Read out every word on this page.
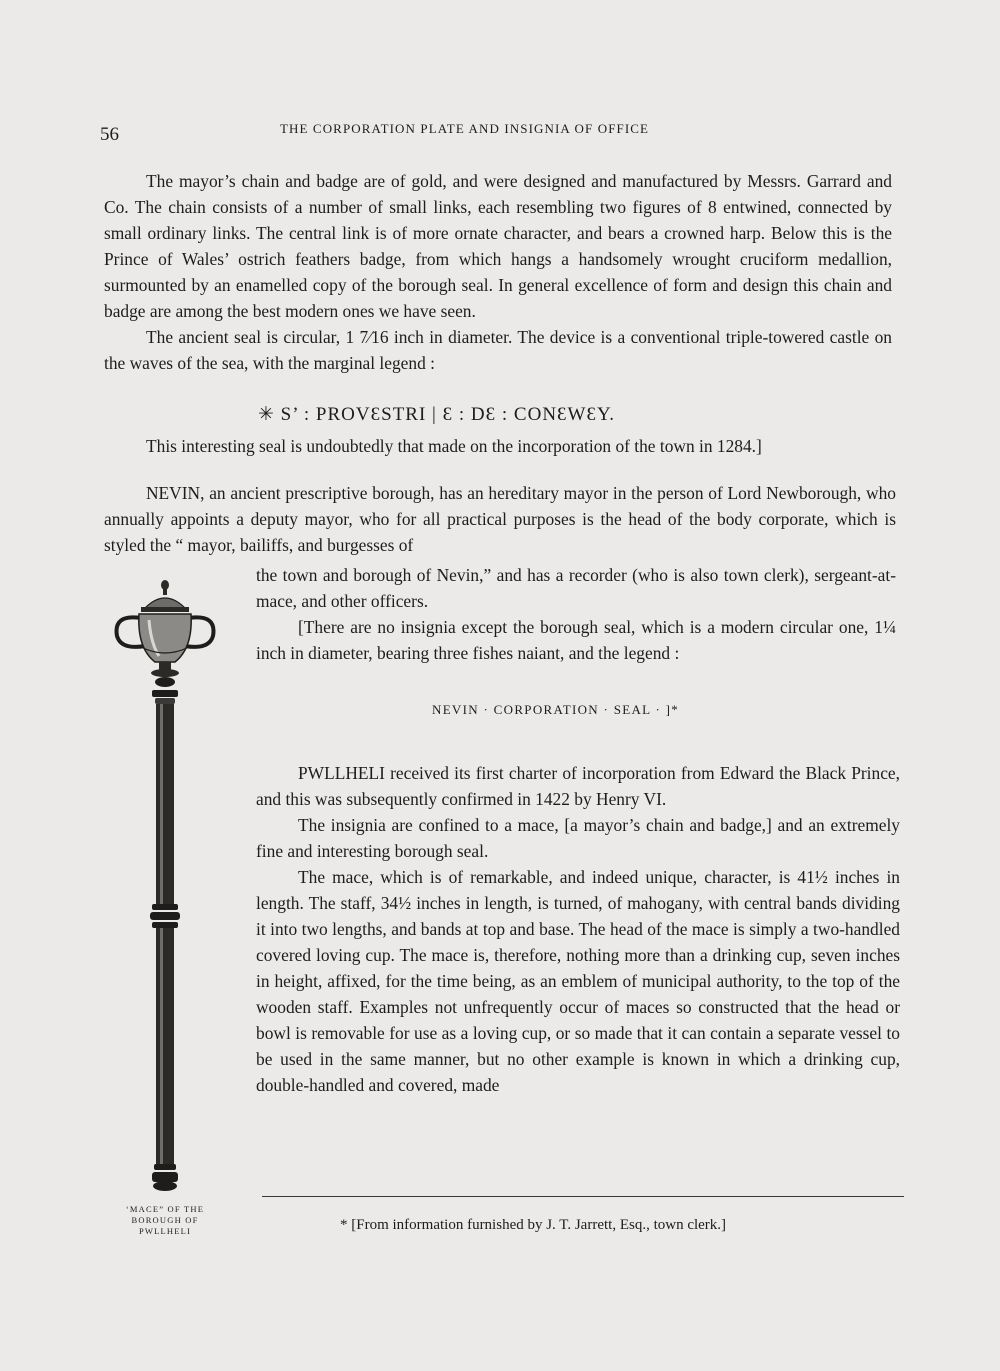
56	THE CORPORATION PLATE AND INSIGNIA OF OFFICE

The mayor’s chain and badge are of gold, and were designed and manufactured by Messrs. Garrard and Co. The chain consists of a number of small links, each resembling two figures of 8 entwined, connected by small ordinary links. The central link is of more ornate character, and bears a crowned harp. Below this is the Prince of Wales’ ostrich feathers badge, from which hangs a handsomely wrought cruciform medallion, surmounted by an enamelled copy of the borough seal. In general excellence of form and design this chain and badge are among the best modern ones we have seen.

The ancient seal is circular, 1 7⁄16 inch in diameter. The device is a conventional triple-towered castle on the waves of the sea, with the marginal legend :

✳ S’ : PROVƐSTRI | Ɛ : DƐ : CONƐWƐY.

This interesting seal is undoubtedly that made on the incorporation of the town in 1284.]

NEVIN, an ancient prescriptive borough, has an hereditary mayor in the person of Lord Newborough, who annually appoints a deputy mayor, who for all practical purposes is the head of the body corporate, which is styled the “ mayor, bailiffs, and burgesses of

the town and borough of Nevin,” and has a recorder (who is also town clerk), sergeant-at-mace, and other officers.

[There are no insignia except the borough seal, which is a modern circular one, 1¼ inch in diameter, bearing three fishes naiant, and the legend :

NEVIN · CORPORATION · SEAL · ]*

PWLLHELI received its first charter of incorporation from Edward the Black Prince, and this was subsequently confirmed in 1422 by Henry VI.

The insignia are confined to a mace, [a mayor’s chain and badge,] and an extremely fine and interesting borough seal.

The mace, which is of remarkable, and indeed unique, character, is 41½ inches in length. The staff, 34½ inches in length, is turned, of mahogany, with central bands dividing it into two lengths, and bands at top and base. The head of the mace is simply a two-handled covered loving cup. The mace is, therefore, nothing more than a drinking cup, seven inches in height, affixed, for the time being, as an emblem of municipal authority, to the top of the wooden staff. Examples not unfrequently occur of maces so constructed that the head or bowl is removable for use as a loving cup, or so made that it can contain a separate vessel to be used in the same manner, but no other example is known in which a drinking cup, double-handled and covered, made

‘MACE” OF THE BOROUGH OF PWLLHELI	* [From information furnished by J. T. Jarrett, Esq., town clerk.]
